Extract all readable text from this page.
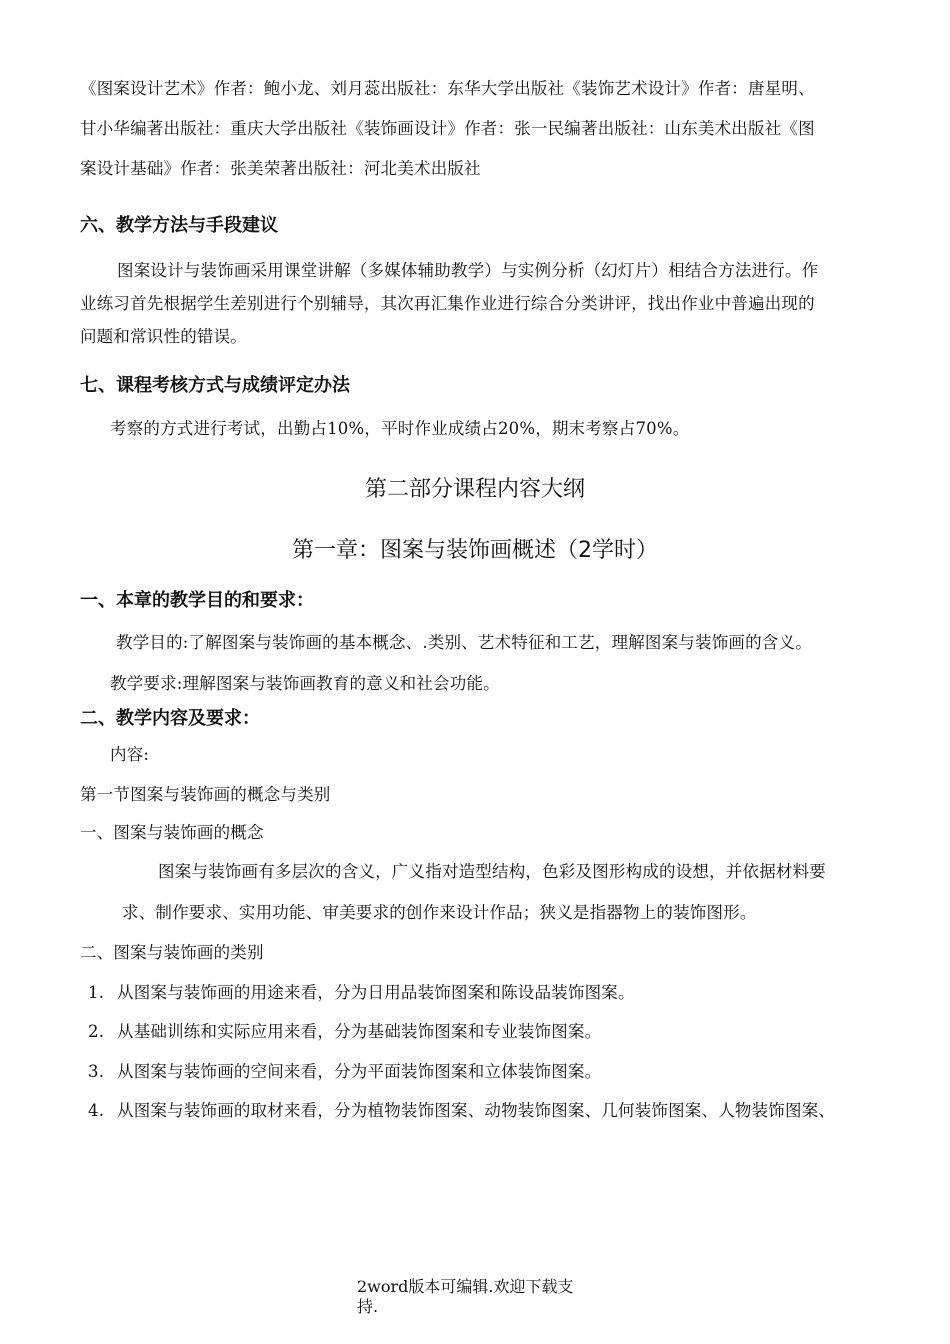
《图案设计艺术》作者：鲍小龙、刘月蕊出版社：东华大学出版社《装饰艺术设计》作者：唐星明、
甘小华编著出版社：重庆大学出版社《装饰画设计》作者：张一民编著出版社：山东美术出版社《图
案设计基础》作者：张美荣著出版社：河北美术出版社
六、教学方法与手段建议
图案设计与装饰画采用课堂讲解（多媒体辅助教学）与实例分析（幻灯片）相结合方法进行。作
业练习首先根据学生差别进行个别辅导，其次再汇集作业进行综合分类讲评，找出作业中普遍出现的
问题和常识性的错误。
七、课程考核方式与成绩评定办法
考察的方式进行考试，出勤占10%，平时作业成绩占20%，期末考察占70%。
第二部分课程内容大纲
第一章：图案与装饰画概述（2学时）
一、本章的教学目的和要求：
教学目的:了解图案与装饰画的基本概念、.类别、艺术特征和工艺，理解图案与装饰画的含义。
教学要求:理解图案与装饰画教育的意义和社会功能。
二、教学内容及要求：
内容:
第一节图案与装饰画的概念与类别
一、图案与装饰画的概念
图案与装饰画有多层次的含义，广义指对造型结构，色彩及图形构成的设想，并依据材料要
求、制作要求、实用功能、审美要求的创作来设计作品；狭义是指器物上的装饰图形。
二、图案与装饰画的类别
1. 从图案与装饰画的用途来看，分为日用品装饰图案和陈设品装饰图案。
2. 从基础训练和实际应用来看，分为基础装饰图案和专业装饰图案。
3. 从图案与装饰画的空间来看，分为平面装饰图案和立体装饰图案。
4. 从图案与装饰画的取材来看，分为植物装饰图案、动物装饰图案、几何装饰图案、人物装饰图案、
2word版本可编辑.欢迎下载支
持.
